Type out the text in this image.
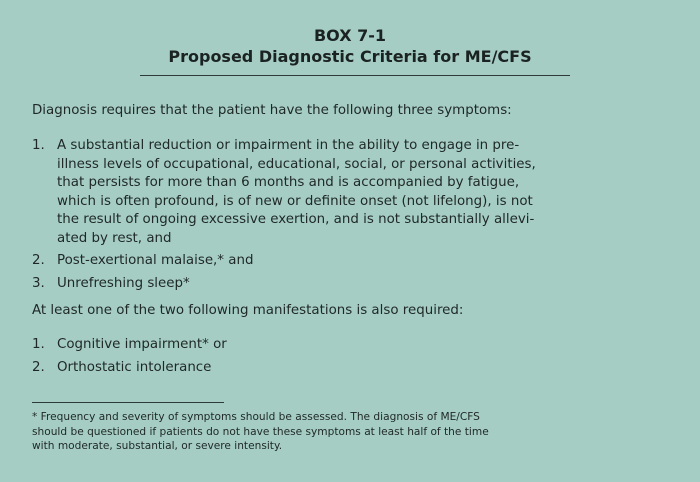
BOX 7-1
Proposed Diagnostic Criteria for ME/CFS
Diagnosis requires that the patient have the following three symptoms:
1. A substantial reduction or impairment in the ability to engage in pre-
illness levels of occupational, educational, social, or personal activities,
that persists for more than 6 months and is accompanied by fatigue,
which is often profound, is of new or definite onset (not lifelong), is not
the result of ongoing excessive exertion, and is not substantially allevi-
ated by rest, and
2. Post-exertional malaise,* and
3. Unrefreshing sleep*
At least one of the two following manifestations is also required:
1. Cognitive impairment* or
2. Orthostatic intolerance
* Frequency and severity of symptoms should be assessed. The diagnosis of ME/CFS
should be questioned if patients do not have these symptoms at least half of the time
with moderate, substantial, or severe intensity.
